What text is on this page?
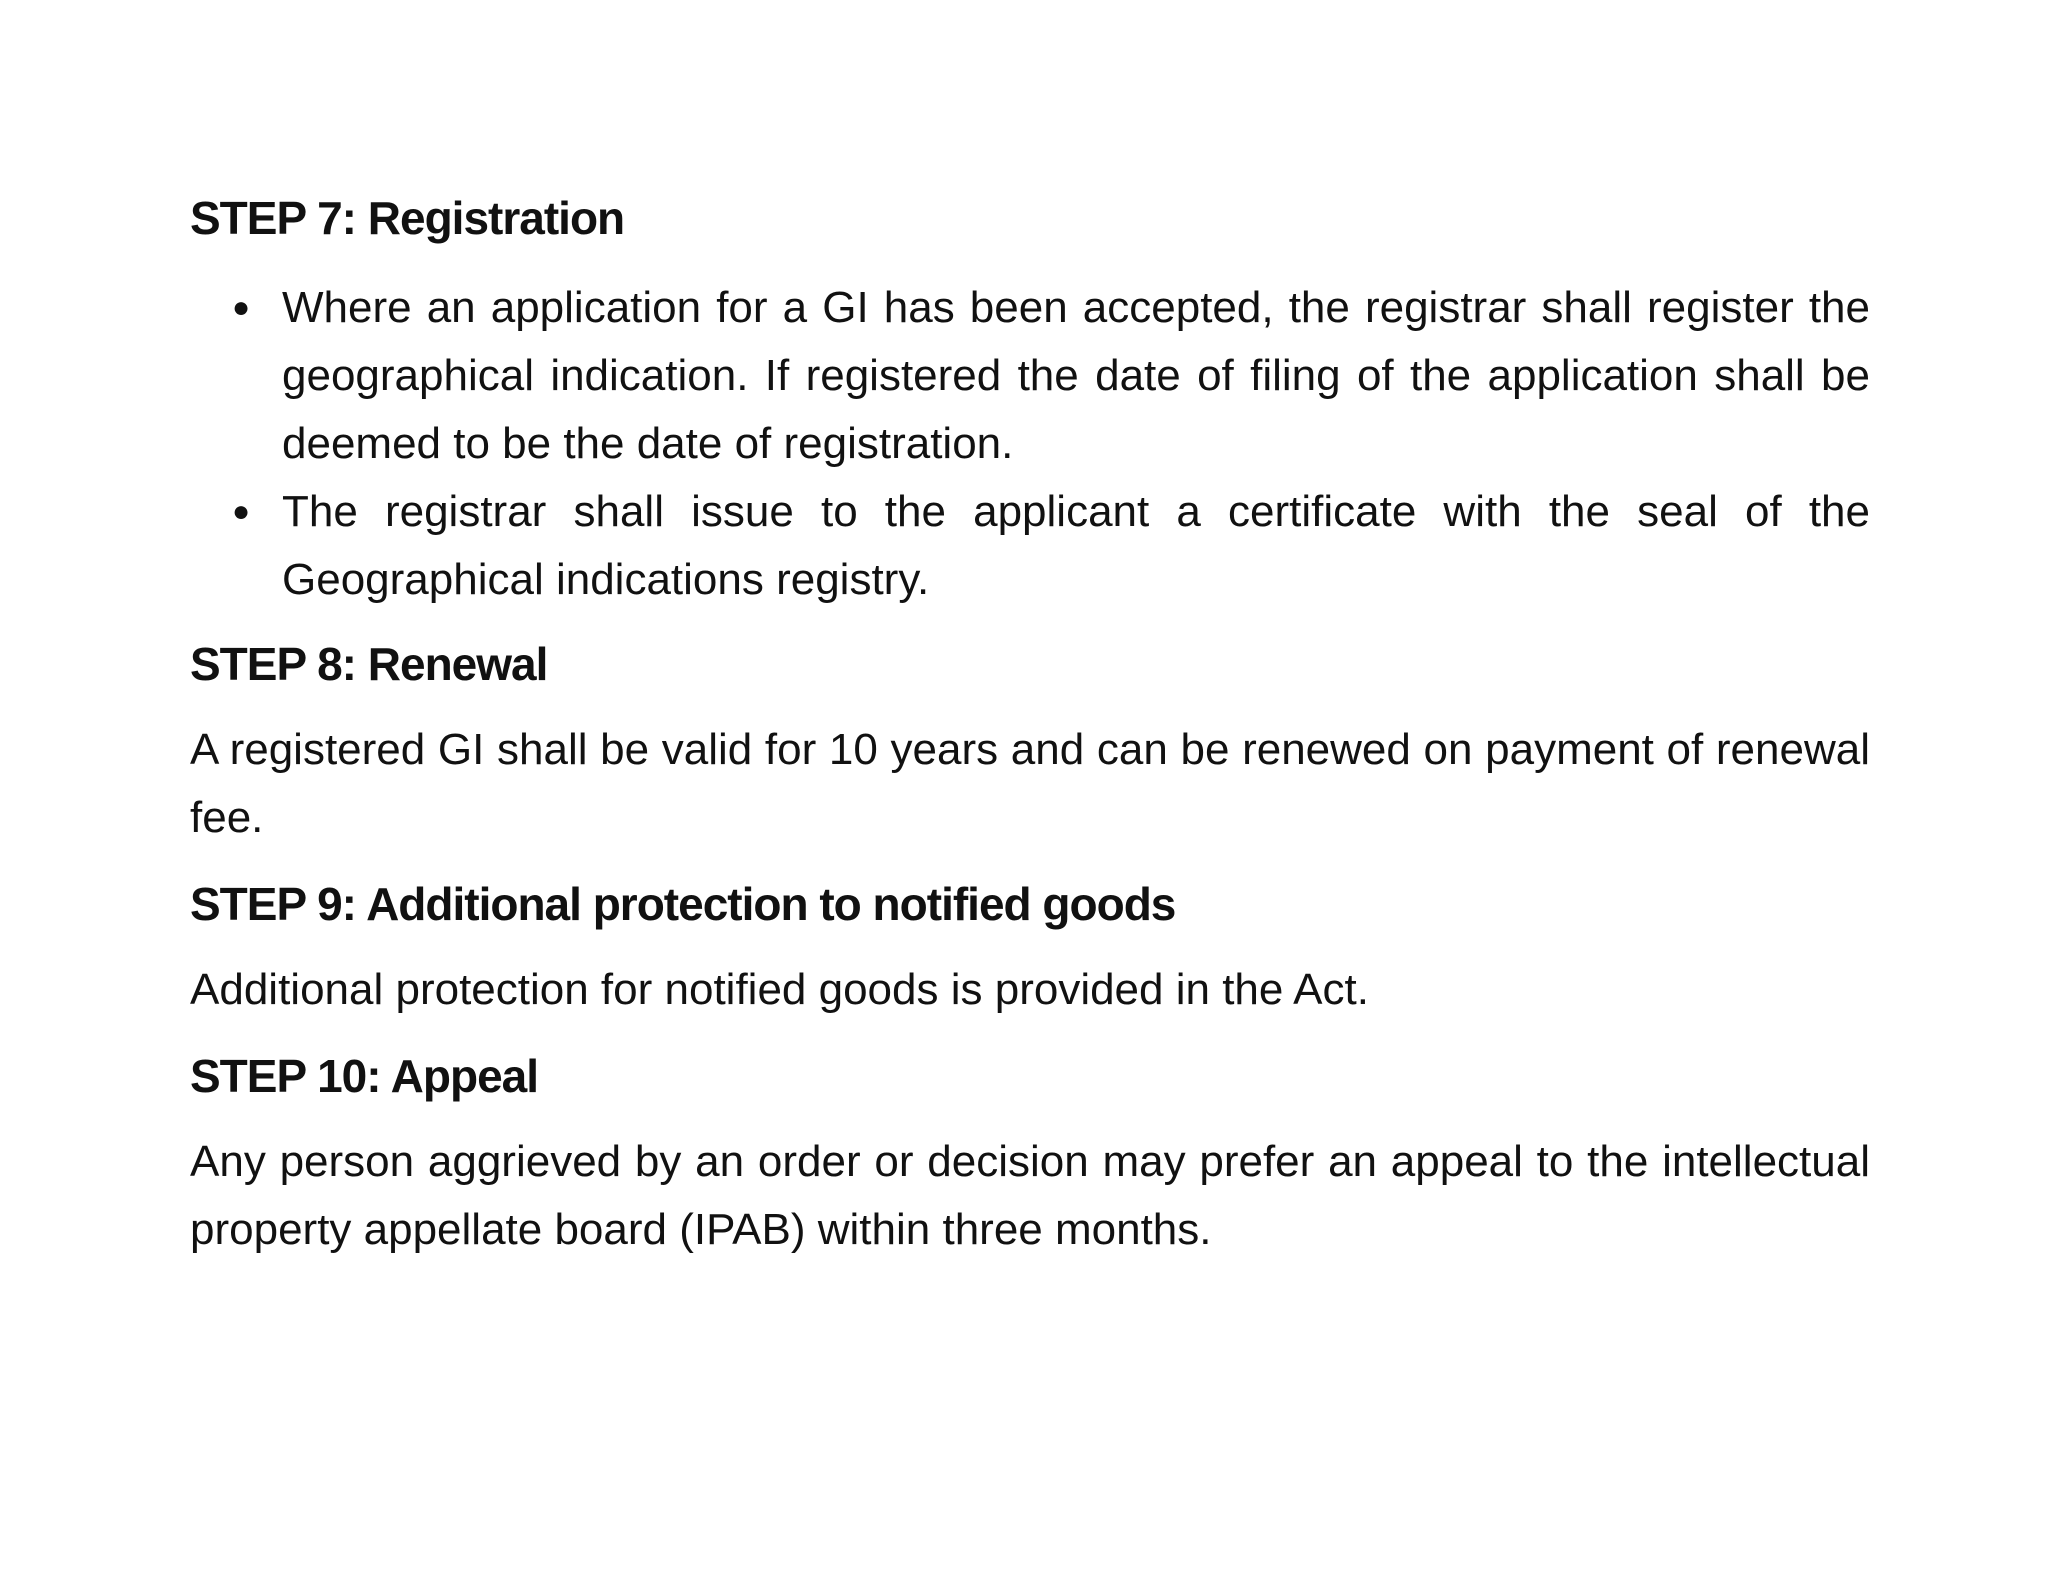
STEP 7: Registration
● Where an application for a GI has been accepted, the registrar shall register the geographical indication. If registered the date of filing of the application shall be deemed to be the date of registration.
● The registrar shall issue to the applicant a certificate with the seal of the Geographical indications registry.
STEP 8: Renewal

A registered GI shall be valid for 10 years and can be renewed on payment of renewal fee.

STEP 9: Additional protection to notified goods

Additional protection for notified goods is provided in the Act.

STEP 10: Appeal

Any person aggrieved by an order or decision may prefer an appeal to the intellectual property appellate board (IPAB) within three months.
